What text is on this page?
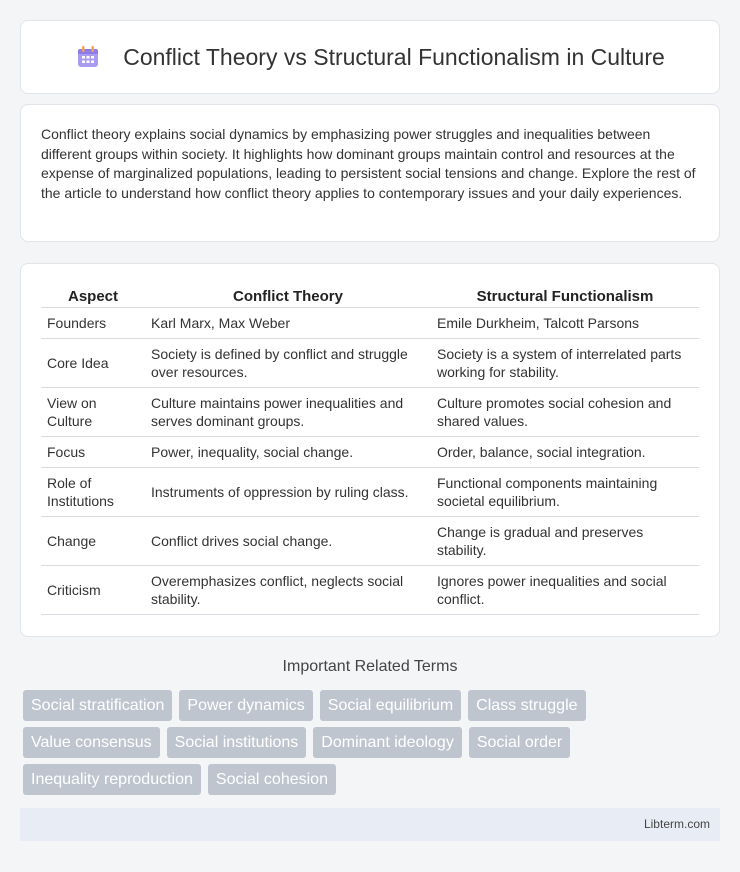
Conflict Theory vs Structural Functionalism in Culture

Conflict theory explains social dynamics by emphasizing power struggles and inequalities between different groups within society. It highlights how dominant groups maintain control and resources at the expense of marginalized populations, leading to persistent social tensions and change. Explore the rest of the article to understand how conflict theory applies to contemporary issues and your daily experiences.

Aspect	Conflict Theory	Structural Functionalism
Founders	Karl Marx, Max Weber	Emile Durkheim, Talcott Parsons
Core Idea	Society is defined by conflict and struggle over resources.	Society is a system of interrelated parts working for stability.
View on Culture	Culture maintains power inequalities and serves dominant groups.	Culture promotes social cohesion and shared values.
Focus	Power, inequality, social change.	Order, balance, social integration.
Role of Institutions	Instruments of oppression by ruling class.	Functional components maintaining societal equilibrium.
Change	Conflict drives social change.	Change is gradual and preserves stability.
Criticism	Overemphasizes conflict, neglects social stability.	Ignores power inequalities and social conflict.
Important Related Terms
Social stratification	Power dynamics	Social equilibrium	Class struggle
Value consensus	Social institutions	Dominant ideology	Social order
Inequality reproduction	Social cohesion
Libterm.com
